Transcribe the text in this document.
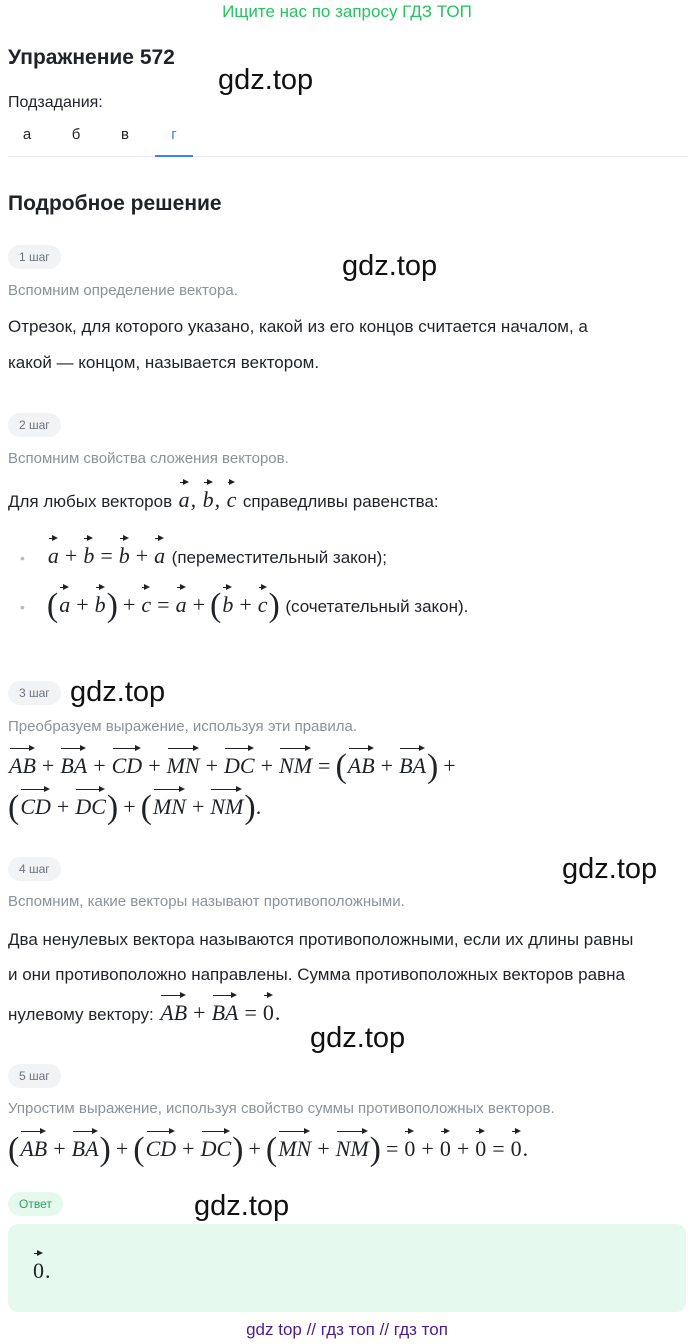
Ищите нас по запросу ГДЗ ТОП
Упражнение 572
gdz.top
Подзадания:
а	б	в	г
Подробное решение
1 шаг	gdz.top
Вспомним определение вектора.
Отрезок, для которого указано, какой из его концов считается началом, а
какой — концом, называется вектором.
2 шаг
Вспомним свойства сложения векторов.
Для любых векторов a, b, c справедливы равенства:
• a + b = b + a (переместительный закон);
• (a + b) + c = a + (b + c) (сочетательный закон).
3 шаг gdz.top
Преобразуем выражение, используя эти правила.
AB + BA + CD + MN + DC + NM = (AB + BA) +
(CD + DC) + (MN + NM).
4 шаг	gdz.top
Вспомним, какие векторы называют противоположными.
Два ненулевых вектора называются противоположными, если их длины равны
и они противоположно направлены. Сумма противоположных векторов равна
нулевому вектору: AB + BA = 0.
gdz.top
5 шаг
Упростим выражение, используя свойство суммы противоположных векторов.
(AB + BA) + (CD + DC) + (MN + NM) = 0 + 0 + 0 = 0.
Ответ	gdz.top
0.
gdz top // гдз топ // гдз топ
